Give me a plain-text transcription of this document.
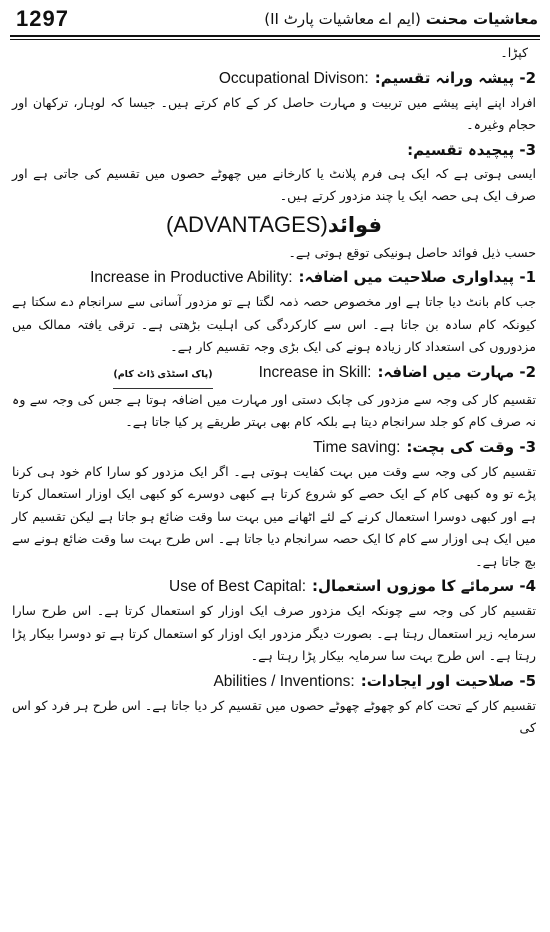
1297	معاشیات محنت (ایم اے معاشیات پارٹ II)
کپڑا۔
2- پیشہ ورانہ تقسیم:
Occupational Divison:

افراد اپنے اپنے پیشے میں تربیت و مہارت حاصل کر کے کام کرتے ہیں۔ جیسا کہ لوہار، ترکھان اور حجام وغیرہ۔

3- پیچیدہ تقسیم:

ایسی ہوتی ہے کہ ایک ہی فرم پلانٹ یا کارخانے میں چھوٹے حصوں میں تقسیم کی جاتی ہے اور صرف ایک ہی حصہ ایک یا چند مزدور کرتے ہیں۔

فوائد(ADVANTAGES)

حسب ذیل فوائد حاصل ہونیکی توقع ہوتی ہے۔

1- پیداواری صلاحیت میں اضافہ:
Increase in Productive Ability:

جب کام بانٹ دیا جاتا ہے اور مخصوص حصہ ذمہ لگتا ہے تو مزدور آسانی سے سرانجام دے سکتا ہے کیونکہ کام سادہ بن جاتا ہے۔ اس سے کارکردگی کی اہلیت بڑھتی ہے۔ ترقی یافتہ ممالک میں مزدوروں کی استعداد کار زیادہ ہونے کی ایک بڑی وجہ تقسیم کار ہے۔

2- مہارت میں اضافہ:
Increase in Skill:
(پاک اسٹڈی ڈاٹ کام)

تقسیم کار کی وجہ سے مزدور کی چابک دستی اور مہارت میں اضافہ ہوتا ہے جس کی وجہ سے وہ نہ صرف کام کو جلد سرانجام دیتا ہے بلکہ کام بھی بہتر طریقے پر کیا جاتا ہے۔

3- وقت کی بچت:
Time saving:

تقسیم کار کی وجہ سے وقت میں بہت کفایت ہوتی ہے۔ اگر ایک مزدور کو سارا کام خود ہی کرنا پڑے تو وہ کبھی کام کے ایک حصے کو شروع کرتا ہے کبھی دوسرے کو کبھی ایک اوزار استعمال کرتا ہے اور کبھی دوسرا استعمال کرنے کے لئے اٹھانے میں بہت سا وقت ضائع ہو جاتا ہے لیکن تقسیم کار میں ایک ہی اوزار سے کام کا ایک حصہ سرانجام دیا جاتا ہے۔ اس طرح بہت سا وقت ضائع ہونے سے بچ جاتا ہے۔

4- سرمائے کا موزوں استعمال:
Use of Best Capital:

تقسیم کار کی وجہ سے چونکہ ایک مزدور صرف ایک اوزار کو استعمال کرتا ہے۔ اس طرح سارا سرمایہ زیر استعمال رہتا ہے۔ بصورت دیگر مزدور ایک اوزار کو استعمال کرتا ہے تو دوسرا بیکار پڑا رہتا ہے۔ اس طرح بہت سا سرمایہ بیکار پڑا رہتا ہے۔

5- صلاحیت اور ایجادات:
Abilities / Inventions:

تقسیم کار کے تحت کام کو چھوٹے چھوٹے حصوں میں تقسیم کر دیا جاتا ہے۔ اس طرح ہر فرد کو اس کی
